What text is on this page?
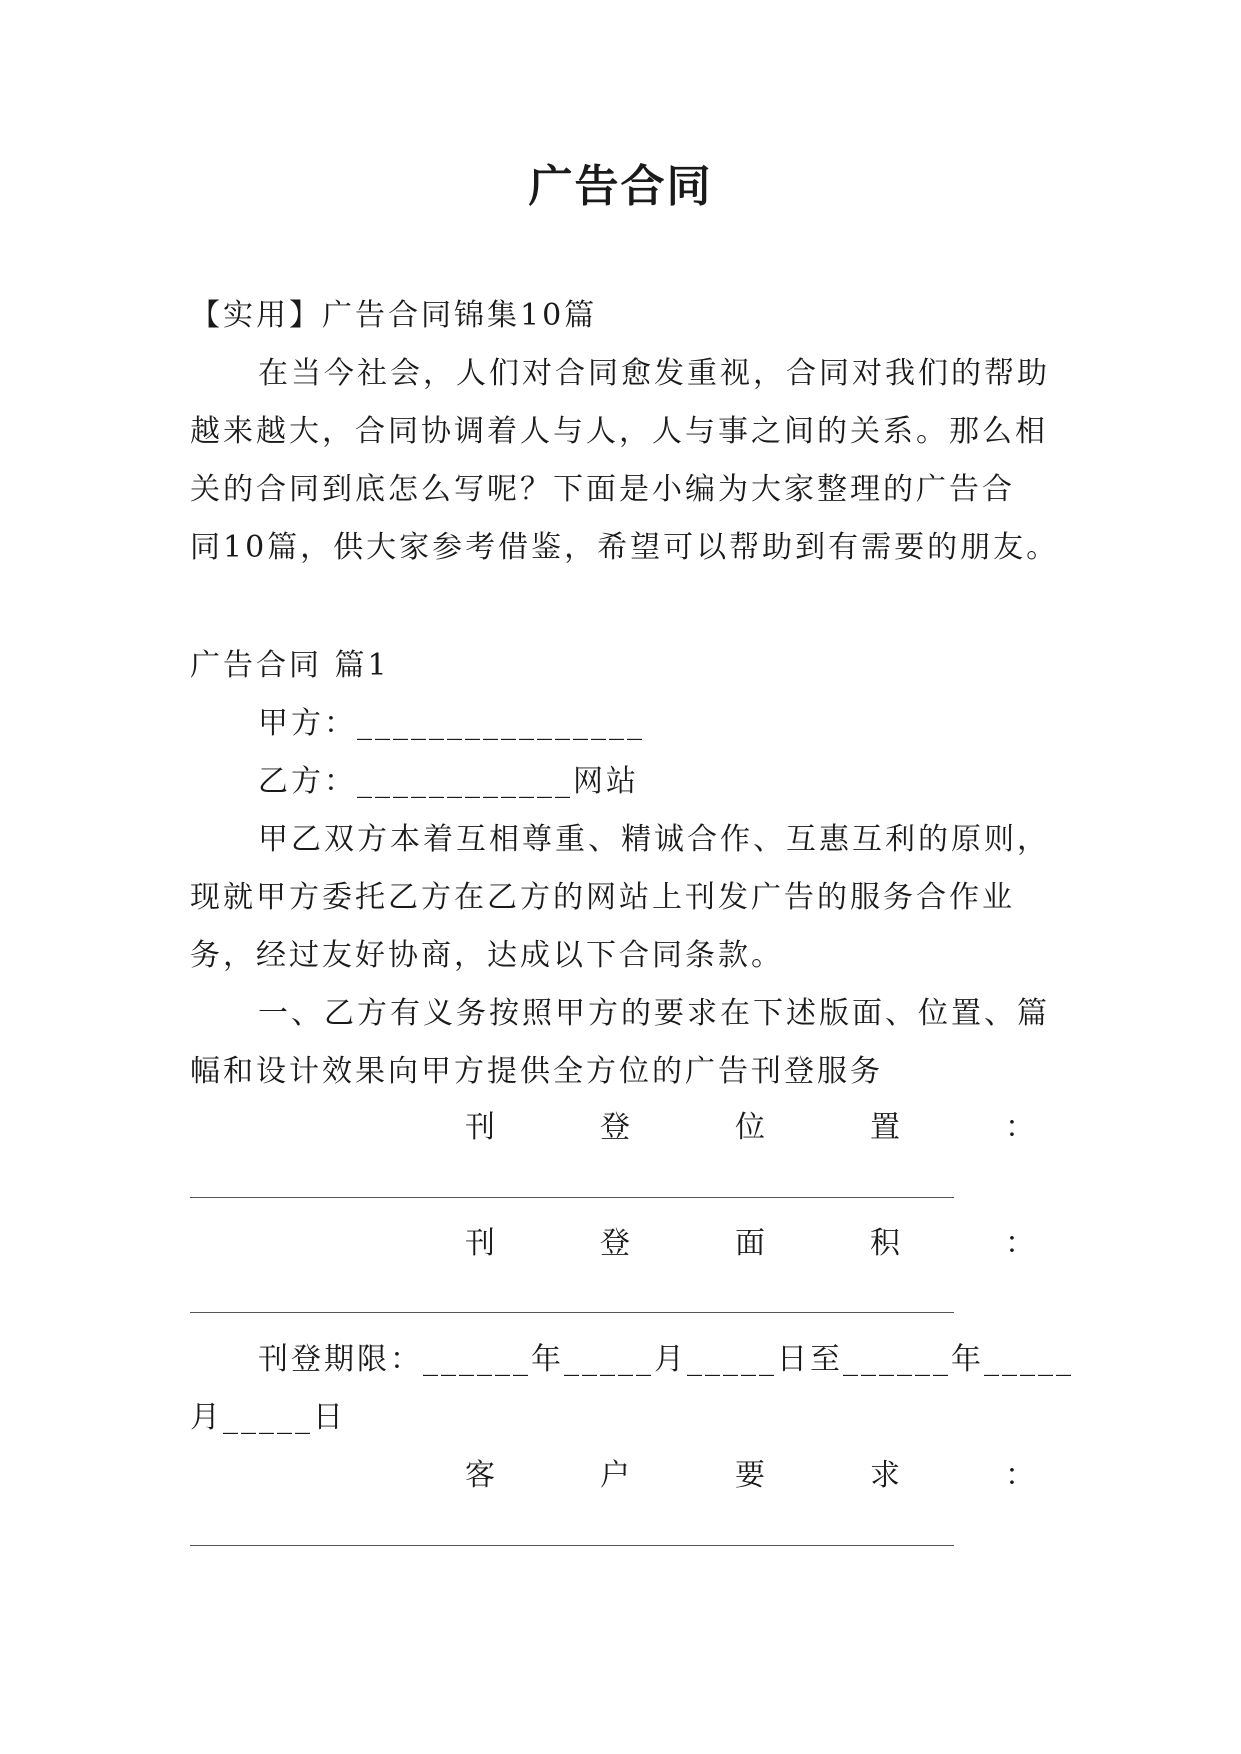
广告合同
【实用】广告合同锦集10篇
在当今社会，人们对合同愈发重视，合同对我们的帮助
越来越大，合同协调着人与人，人与事之间的关系。那么相
关的合同到底怎么写呢？下面是小编为大家整理的广告合
同10篇，供大家参考借鉴，希望可以帮助到有需要的朋友。
广告合同 篇1
甲方：________________
乙方：____________网站
甲乙双方本着互相尊重、精诚合作、互惠互利的原则，
现就甲方委托乙方在乙方的网站上刊发广告的服务合作业
务，经过友好协商，达成以下合同条款。
一、乙方有义务按照甲方的要求在下述版面、位置、篇
幅和设计效果向甲方提供全方位的广告刊登服务
刊	登	位	置	：
刊	登	面	积	：
刊登期限：______年_____月_____日至______年_____
月_____日
客	户	要	求	：
